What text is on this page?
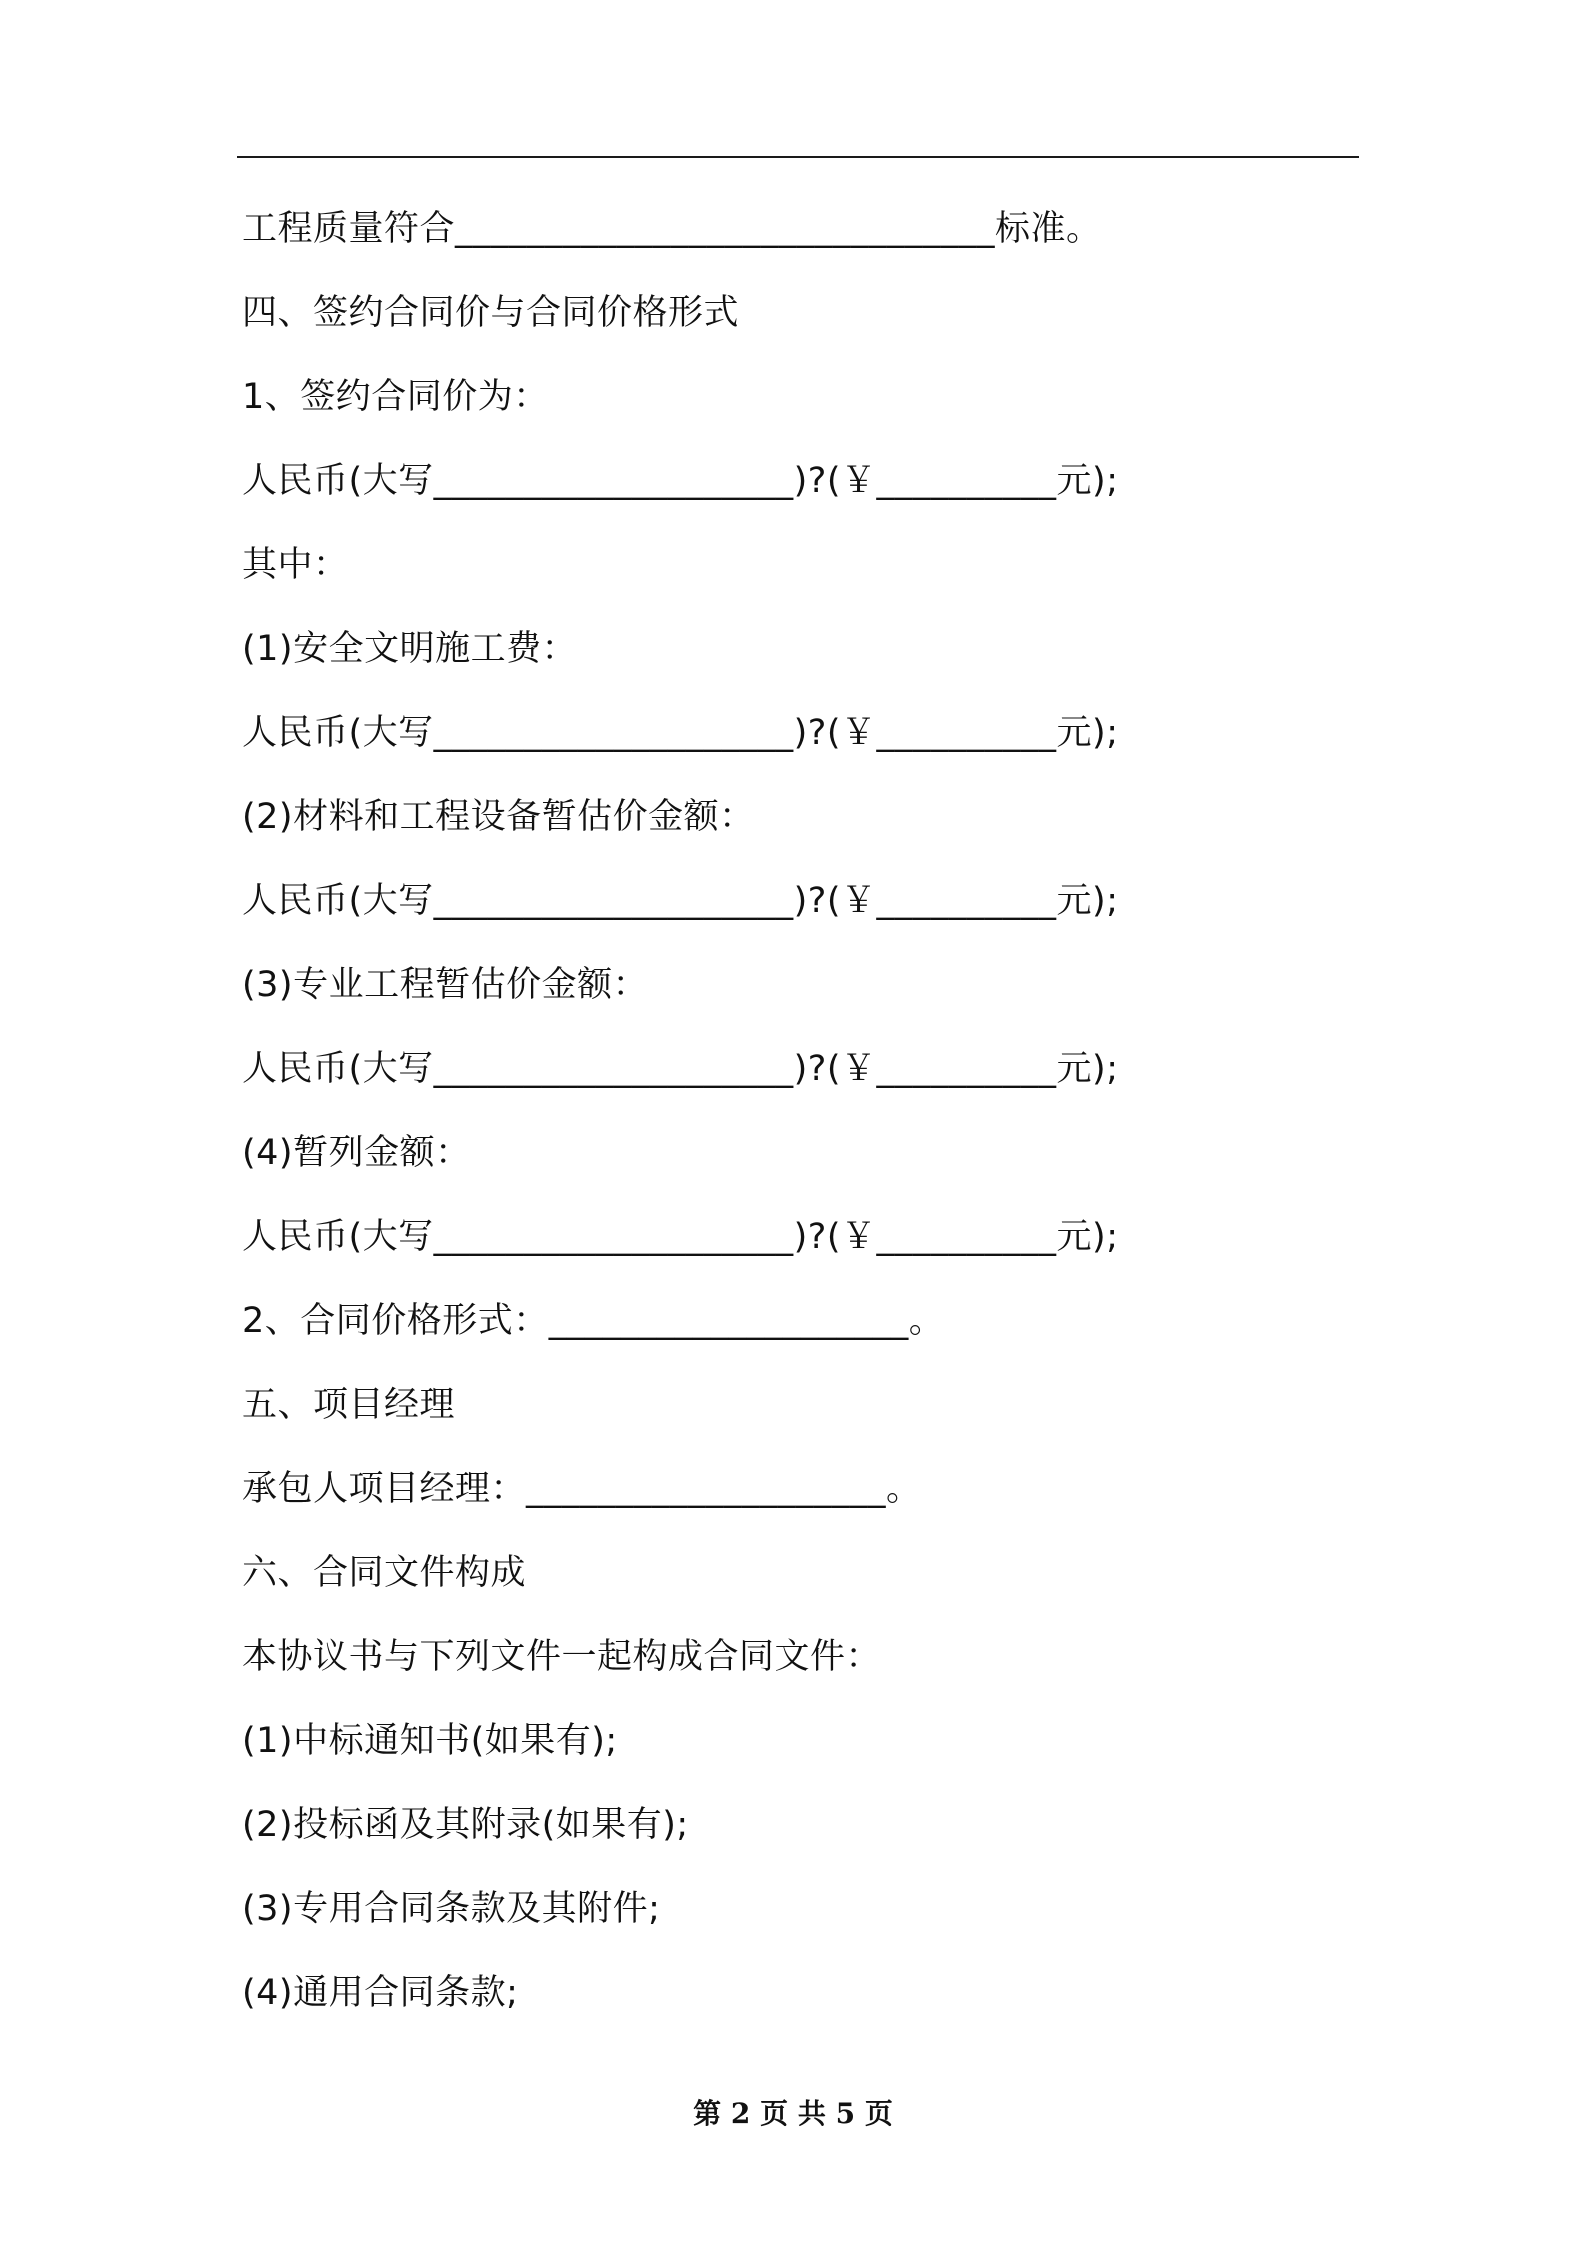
工程质量符合______________________________标准。
四、签约合同价与合同价格形式
1、签约合同价为：
人民币(大写____________________)?(￥__________元);
其中：
(1)安全文明施工费：
人民币(大写____________________)?(￥__________元);
(2)材料和工程设备暂估价金额：
人民币(大写____________________)?(￥__________元);
(3)专业工程暂估价金额：
人民币(大写____________________)?(￥__________元);
(4)暂列金额：
人民币(大写____________________)?(￥__________元);
2、合同价格形式：____________________。
五、项目经理
承包人项目经理：____________________。
六、合同文件构成
本协议书与下列文件一起构成合同文件：
(1)中标通知书(如果有);
(2)投标函及其附录(如果有);
(3)专用合同条款及其附件;
(4)通用合同条款;
第 2 页 共 5 页
